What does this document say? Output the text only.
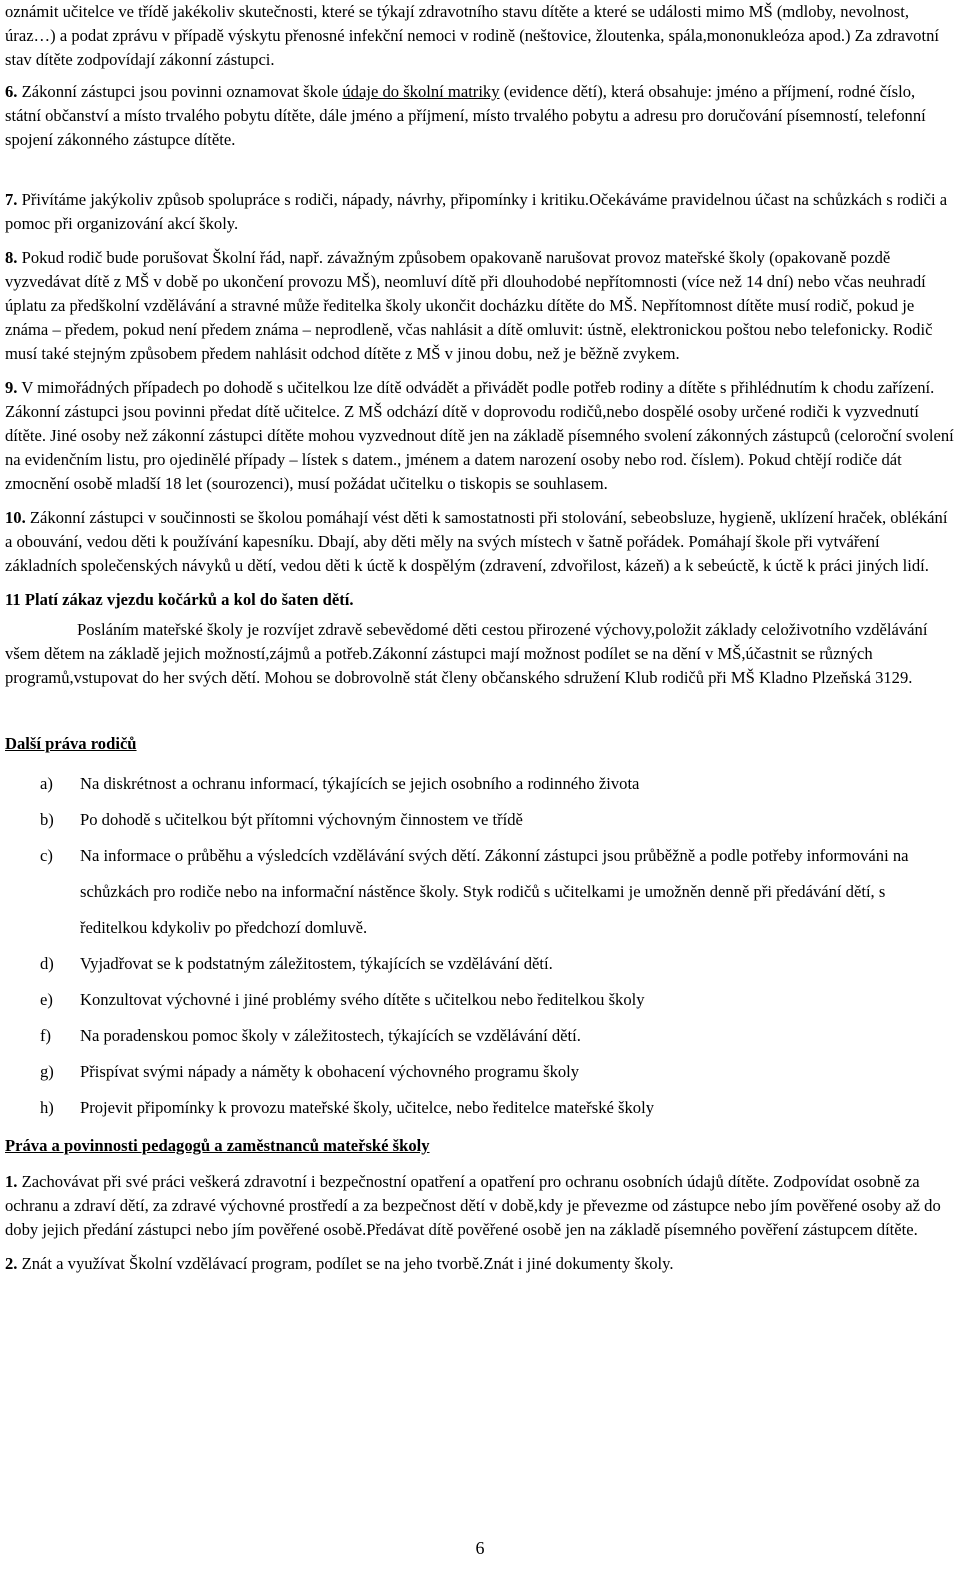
oznámit učitelce ve třídě jakékoliv skutečnosti, které se týkají zdravotního stavu dítěte a které se události mimo MŠ (mdloby, nevolnost, úraz…) a podat zprávu v případě výskytu přenosné infekční nemoci v rodině (neštovice, žloutenka, spála,mononukleóza apod.) Za zdravotní stav dítěte zodpovídají zákonní zástupci.

6. Zákonní zástupci jsou povinni oznamovat škole údaje do školní matriky (evidence dětí), která obsahuje: jméno a příjmení, rodné číslo, státní občanství a místo trvalého pobytu dítěte, dále jméno a příjmení, místo trvalého pobytu a adresu pro doručování písemností, telefonní spojení zákonného zástupce dítěte.

7. Přivítáme jakýkoliv způsob spolupráce s rodiči, nápady, návrhy, připomínky i kritiku.Očekáváme pravidelnou účast na schůzkách s rodiči a pomoc při organizování akcí školy.

8. Pokud rodič bude porušovat Školní řád, např. závažným způsobem opakovaně narušovat provoz mateřské školy (opakovaně pozdě vyzvedávat dítě z MŠ v době po ukončení provozu MŠ), neomluví dítě při dlouhodobé nepřítomnosti (více než 14 dní) nebo včas neuhradí úplatu za předškolní vzdělávání a stravné může ředitelka školy ukončit docházku dítěte do MŠ. Nepřítomnost dítěte musí rodič, pokud je známa – předem, pokud není předem známa – neprodleně, včas nahlásit a dítě omluvit: ústně, elektronickou poštou nebo telefonicky. Rodič musí také stejným způsobem předem nahlásit odchod dítěte z MŠ v jinou dobu, než je běžně zvykem.

9. V mimořádných případech po dohodě s učitelkou lze dítě odvádět a přivádět podle potřeb rodiny a dítěte s přihlédnutím k chodu zařízení. Zákonní zástupci jsou povinni předat dítě učitelce. Z MŠ odchází dítě v doprovodu rodičů,nebo dospělé osoby určené rodiči k vyzvednutí dítěte. Jiné osoby než zákonní zástupci dítěte mohou vyzvednout dítě jen na základě písemného svolení zákonných zástupců (celoroční svolení na evidenčním listu, pro ojedinělé případy – lístek s datem., jménem a datem narození osoby nebo rod. číslem). Pokud chtějí rodiče dát zmocnění osobě mladší 18 let (sourozenci), musí požádat učitelku o tiskopis se souhlasem.

10. Zákonní zástupci v součinnosti se školou pomáhají vést děti k samostatnosti při stolování, sebeobsluze, hygieně, uklízení hraček, oblékání a obouvání, vedou děti k používání kapesníku. Dbají, aby děti měly na svých místech v šatně pořádek. Pomáhají škole při vytváření základních společenských návyků u dětí, vedou děti k úctě k dospělým (zdravení, zdvořilost, kázeň) a k sebeúctě, k úctě k práci jiných lidí.

11 Platí zákaz vjezdu kočárků a kol do šaten dětí.

Posláním mateřské školy je rozvíjet zdravě sebevědomé děti cestou přirozené výchovy,položit základy celoživotního vzdělávání všem dětem na základě jejich možností,zájmů a potřeb.Zákonní zástupci mají možnost podílet se na dění v MŠ,účastnit se různých programů,vstupovat do her svých dětí. Mohou se dobrovolně stát členy občanského sdružení Klub rodičů při MŠ Kladno Plzeňská 3129.

Další práva rodičů

a) Na diskrétnost a ochranu informací, týkajících se jejich osobního a rodinného života
b) Po dohodě s učitelkou být přítomni výchovným činnostem ve třídě
c) Na informace o průběhu a výsledcích vzdělávání svých dětí. Zákonní zástupci jsou průběžně a podle potřeby informováni na schůzkách pro rodiče nebo na informační nástěnce školy. Styk rodičů s učitelkami je umožněn denně při předávání dětí, s ředitelkou kdykoliv po předchozí domluvě.
d) Vyjadřovat se k podstatným záležitostem, týkajících se vzdělávání dětí.
e) Konzultovat výchovné i jiné problémy svého dítěte s učitelkou nebo ředitelkou školy
f) Na poradenskou pomoc školy v záležitostech, týkajících se vzdělávání dětí.
g) Přispívat svými nápady a náměty k obohacení výchovného programu školy
h) Projevit připomínky k provozu mateřské školy, učitelce, nebo ředitelce mateřské školy

Práva a povinnosti pedagogů a zaměstnanců mateřské školy

1. Zachovávat při své práci veškerá zdravotní i bezpečnostní opatření a opatření pro ochranu osobních údajů dítěte. Zodpovídat osobně za ochranu a zdraví dětí, za zdravé výchovné prostředí a za bezpečnost dětí v době,kdy je převezme od zástupce nebo jím pověřené osoby až do doby jejich předání zástupci nebo jím pověřené osobě.Předávat dítě pověřené osobě jen na základě písemného pověření zástupcem dítěte.

2. Znát a využívat Školní vzdělávací program, podílet se na jeho tvorbě.Znát i jiné dokumenty školy.

6
